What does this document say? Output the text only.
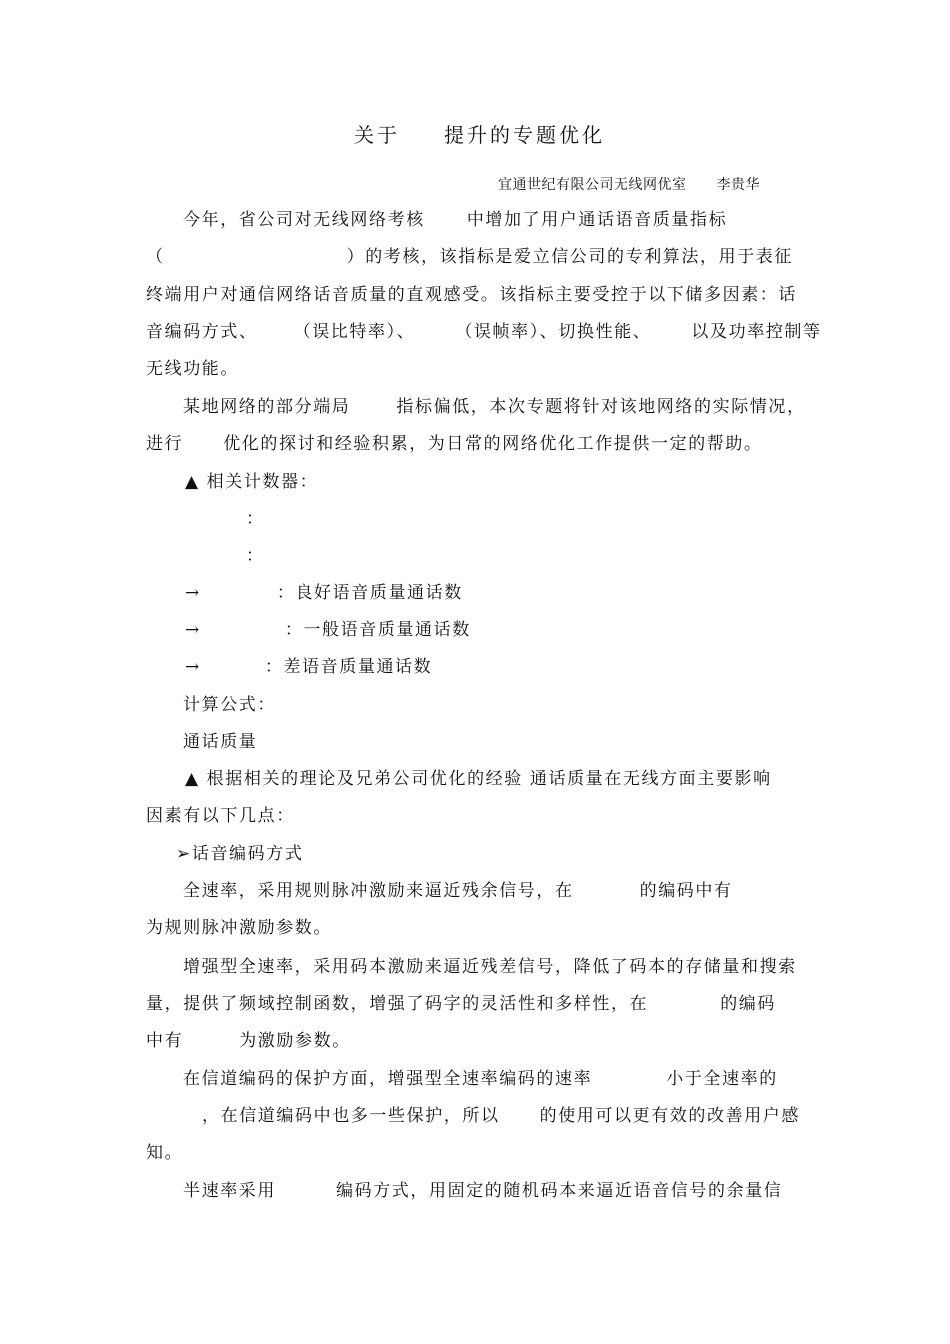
关于 提升的专题优化
宜通世纪有限公司无线网优室 李贵华
今年，省公司对无线网络考核 中增加了用户通话语音质量指标
（	）的考核，该指标是爱立信公司的专利算法，用于表征
终端用户对通信网络话音质量的直观感受。该指标主要受控于以下储多因素：话
音编码方式、 （误比特率）、 （误帧率）、切换性能、 以及功率控制等
无线功能。
某地网络的部分端局	指标偏低，本次专题将针对该地网络的实际情况，
进行 优化的探讨和经验积累，为日常的网络优化工作提供一定的帮助。
▲ 相关计数器：
：
：
→	：良好语音质量通话数
→	：一般语音质量通话数
→	：差语音质量通话数
计算公式：
通话质量
▲ 根据相关的理论及兄弟公司优化的经验 通话质量在无线方面主要影响
因素有以下几点：
➢话音编码方式
全速率，采用规则脉冲激励来逼近残余信号，在	的编码中有
为规则脉冲激励参数。
增强型全速率，采用码本激励来逼近残差信号，降低了码本的存储量和搜索
量，提供了频域控制函数，增强了码字的灵活性和多样性，在	的编码
中有	为激励参数。
在信道编码的保护方面，增强型全速率编码的速率	小于全速率的
，在信道编码中也多一些保护，所以 的使用可以更有效的改善用户感
知。
半速率采用	编码方式，用固定的随机码本来逼近语音信号的余量信
